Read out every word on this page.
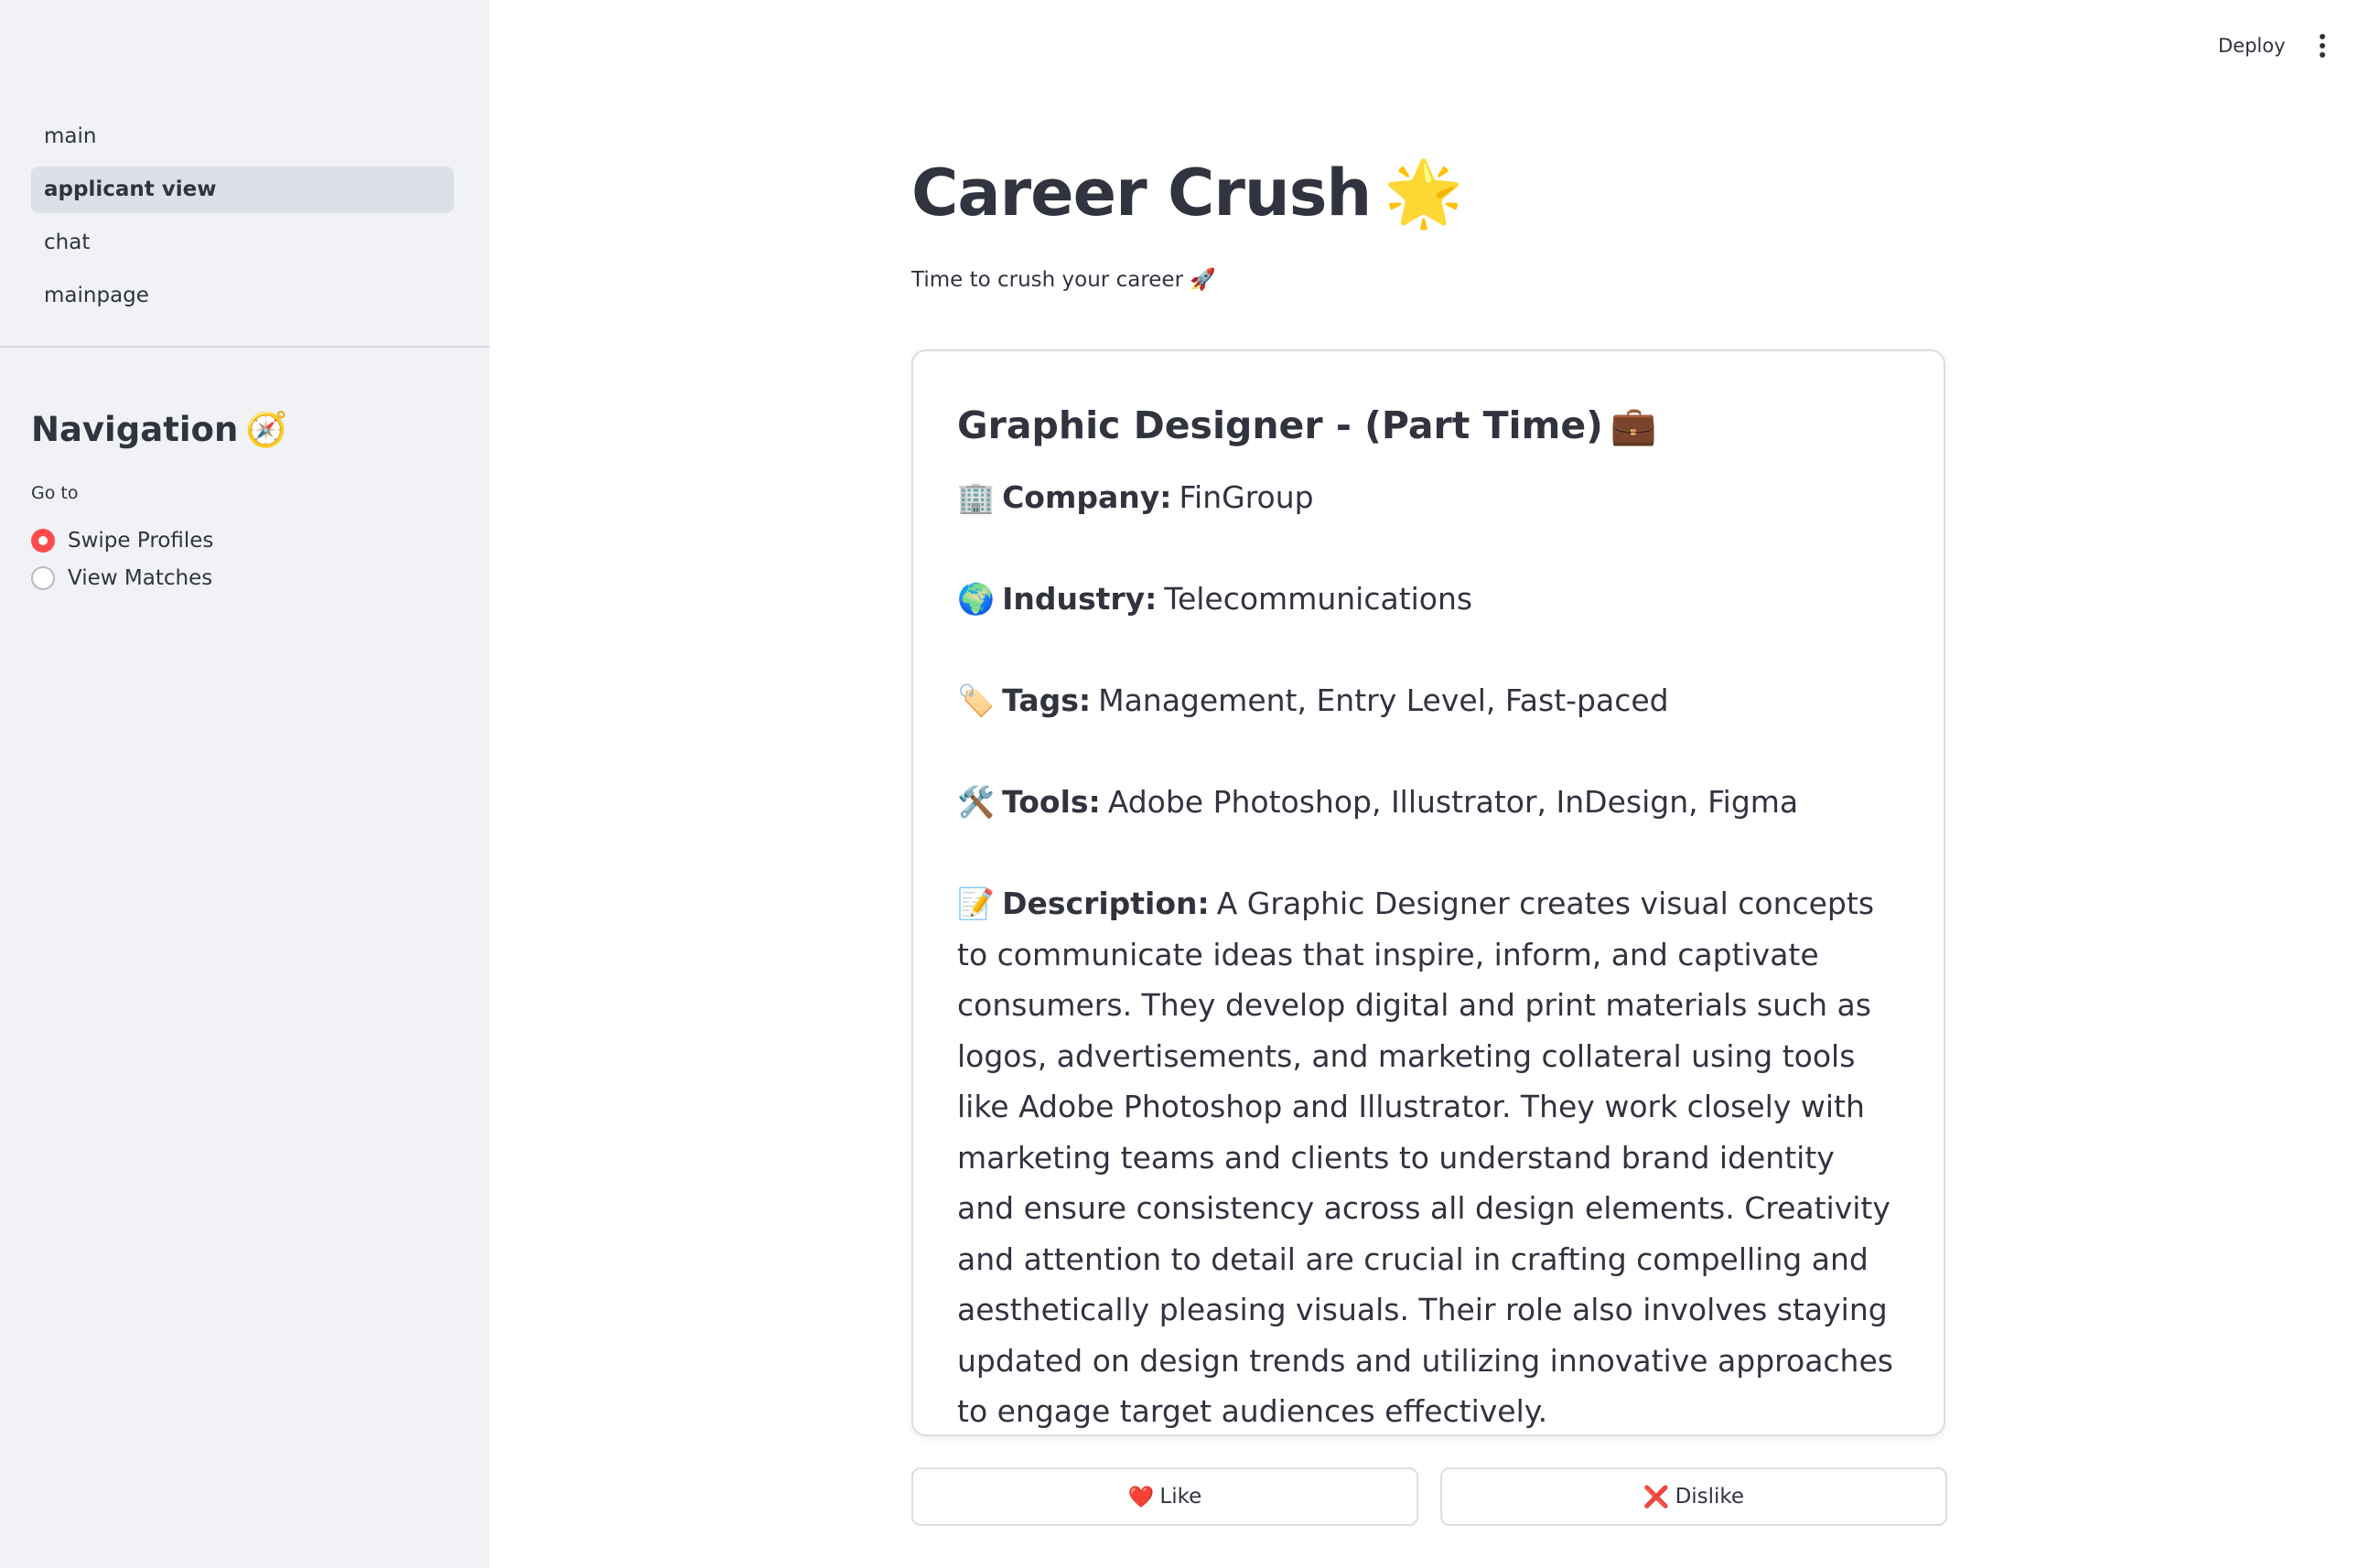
main
applicant view
chat
mainpage
Navigation 🧭
Go to
Swipe Profiles
View Matches
Deploy
Career Crush 🌟
Time to crush your career 🚀
Graphic Designer - (Part Time) 💼
🏢 Company: FinGroup
🌍 Industry: Telecommunications
🏷️ Tags: Management, Entry Level, Fast-paced
🛠️ Tools: Adobe Photoshop, Illustrator, InDesign, Figma
📝 Description: A Graphic Designer creates visual concepts to communicate ideas that inspire, inform, and captivate consumers. They develop digital and print materials such as logos, advertisements, and marketing collateral using tools like Adobe Photoshop and Illustrator. They work closely with marketing teams and clients to understand brand identity and ensure consistency across all design elements. Creativity and attention to detail are crucial in crafting compelling and aesthetically pleasing visuals. Their role also involves staying updated on design trends and utilizing innovative approaches to engage target audiences effectively.
❤️ Like	❌ Dislike
